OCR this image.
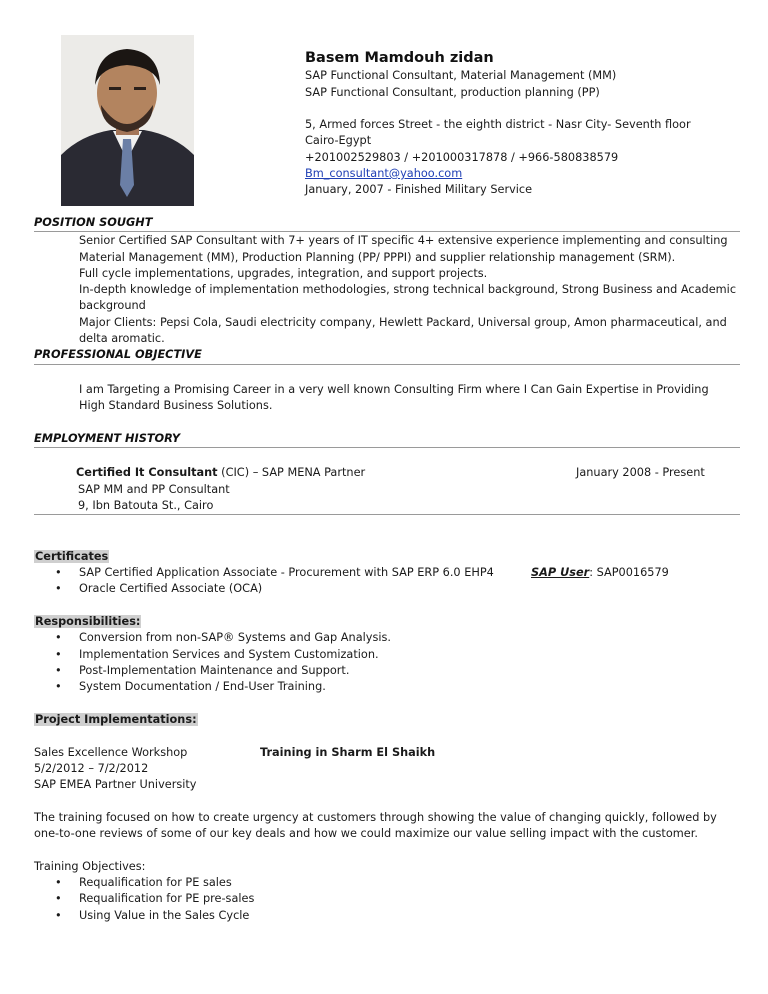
Basem Mamdouh zidan
SAP Functional Consultant, Material Management (MM)
SAP Functional Consultant, production planning (PP)
5, Armed forces Street - the eighth district - Nasr City- Seventh floor
Cairo-Egypt
+201002529803 / +201000317878 / +966-580838579
Bm_consultant@yahoo.com
January, 2007 - Finished Military Service
POSITION SOUGHT
Senior Certified SAP Consultant with 7+ years of IT specific 4+ extensive experience implementing and consulting
Material Management (MM), Production Planning (PP/ PPPI) and supplier relationship management (SRM).
Full cycle implementations, upgrades, integration, and support projects.
In-depth knowledge of implementation methodologies, strong technical background, Strong Business and Academic
background
Major Clients: Pepsi Cola, Saudi electricity company, Hewlett Packard, Universal group, Amon pharmaceutical, and
delta aromatic.
PROFESSIONAL OBJECTIVE
I am Targeting a Promising Career in a very well known Consulting Firm where I Can Gain Expertise in Providing
High Standard Business Solutions.
EMPLOYMENT HISTORY
Certified It Consultant (CIC) – SAP MENA Partner	January 2008 - Present
SAP MM and PP Consultant
9, Ibn Batouta St., Cairo
Certificates
• SAP Certified Application Associate - Procurement with SAP ERP 6.0 EHP4	SAP User: SAP0016579
• Oracle Certified Associate (OCA)
Responsibilities:
• Conversion from non-SAP® Systems and Gap Analysis.
• Implementation Services and System Customization.
• Post-Implementation Maintenance and Support.
• System Documentation / End-User Training.
Project Implementations:
Sales Excellence Workshop	Training in Sharm El Shaikh
5/2/2012 – 7/2/2012
SAP EMEA Partner University
The training focused on how to create urgency at customers through showing the value of changing quickly, followed by
one-to-one reviews of some of our key deals and how we could maximize our value selling impact with the customer.
Training Objectives:
• Requalification for PE sales
• Requalification for PE pre-sales
• Using Value in the Sales Cycle
